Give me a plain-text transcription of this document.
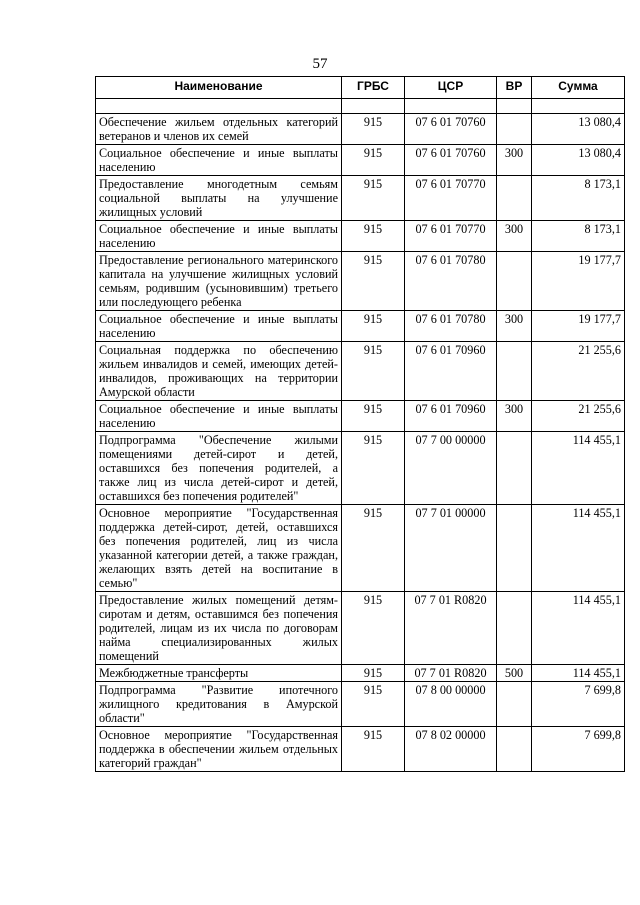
57
Наименование	ГРБС	ЦСР	ВР	Сумма

Обеспечение жильем отдельных категорий ветеранов и членов их семей	915	07 6 01 70760		13 080,4
Социальное обеспечение и иные выплаты населению	915	07 6 01 70760	300	13 080,4
Предоставление многодетным семьям социальной выплаты на улучшение жилищных условий	915	07 6 01 70770		8 173,1
Социальное обеспечение и иные выплаты населению	915	07 6 01 70770	300	8 173,1
Предоставление регионального материнского капитала на улучшение жилищных условий семьям, родившим (усыновившим) третьего или последующего ребенка	915	07 6 01 70780		19 177,7
Социальное обеспечение и иные выплаты населению	915	07 6 01 70780	300	19 177,7
Социальная поддержка по обеспечению жильем инвалидов и семей, имеющих детей-инвалидов, проживающих на территории Амурской области	915	07 6 01 70960		21 255,6
Социальное обеспечение и иные выплаты населению	915	07 6 01 70960	300	21 255,6
Подпрограмма "Обеспечение жилыми помещениями детей-сирот и детей, оставшихся без попечения родителей, а также лиц из числа детей-сирот и детей, оставшихся без попечения родителей"	915	07 7 00 00000		114 455,1
Основное мероприятие "Государственная поддержка детей-сирот, детей, оставшихся без попечения родителей, лиц из числа указанной категории детей, а также граждан, желающих взять детей на воспитание в семью"	915	07 7 01 00000		114 455,1
Предоставление жилых помещений детям-сиротам и детям, оставшимся без попечения родителей, лицам из их числа по договорам найма специализированных жилых помещений	915	07 7 01 R0820		114 455,1
Межбюджетные трансферты	915	07 7 01 R0820	500	114 455,1
Подпрограмма "Развитие ипотечного жилищного кредитования в Амурской области"	915	07 8 00 00000		7 699,8
Основное мероприятие "Государственная поддержка в обеспечении жильем отдельных категорий граждан"	915	07 8 02 00000		7 699,8
